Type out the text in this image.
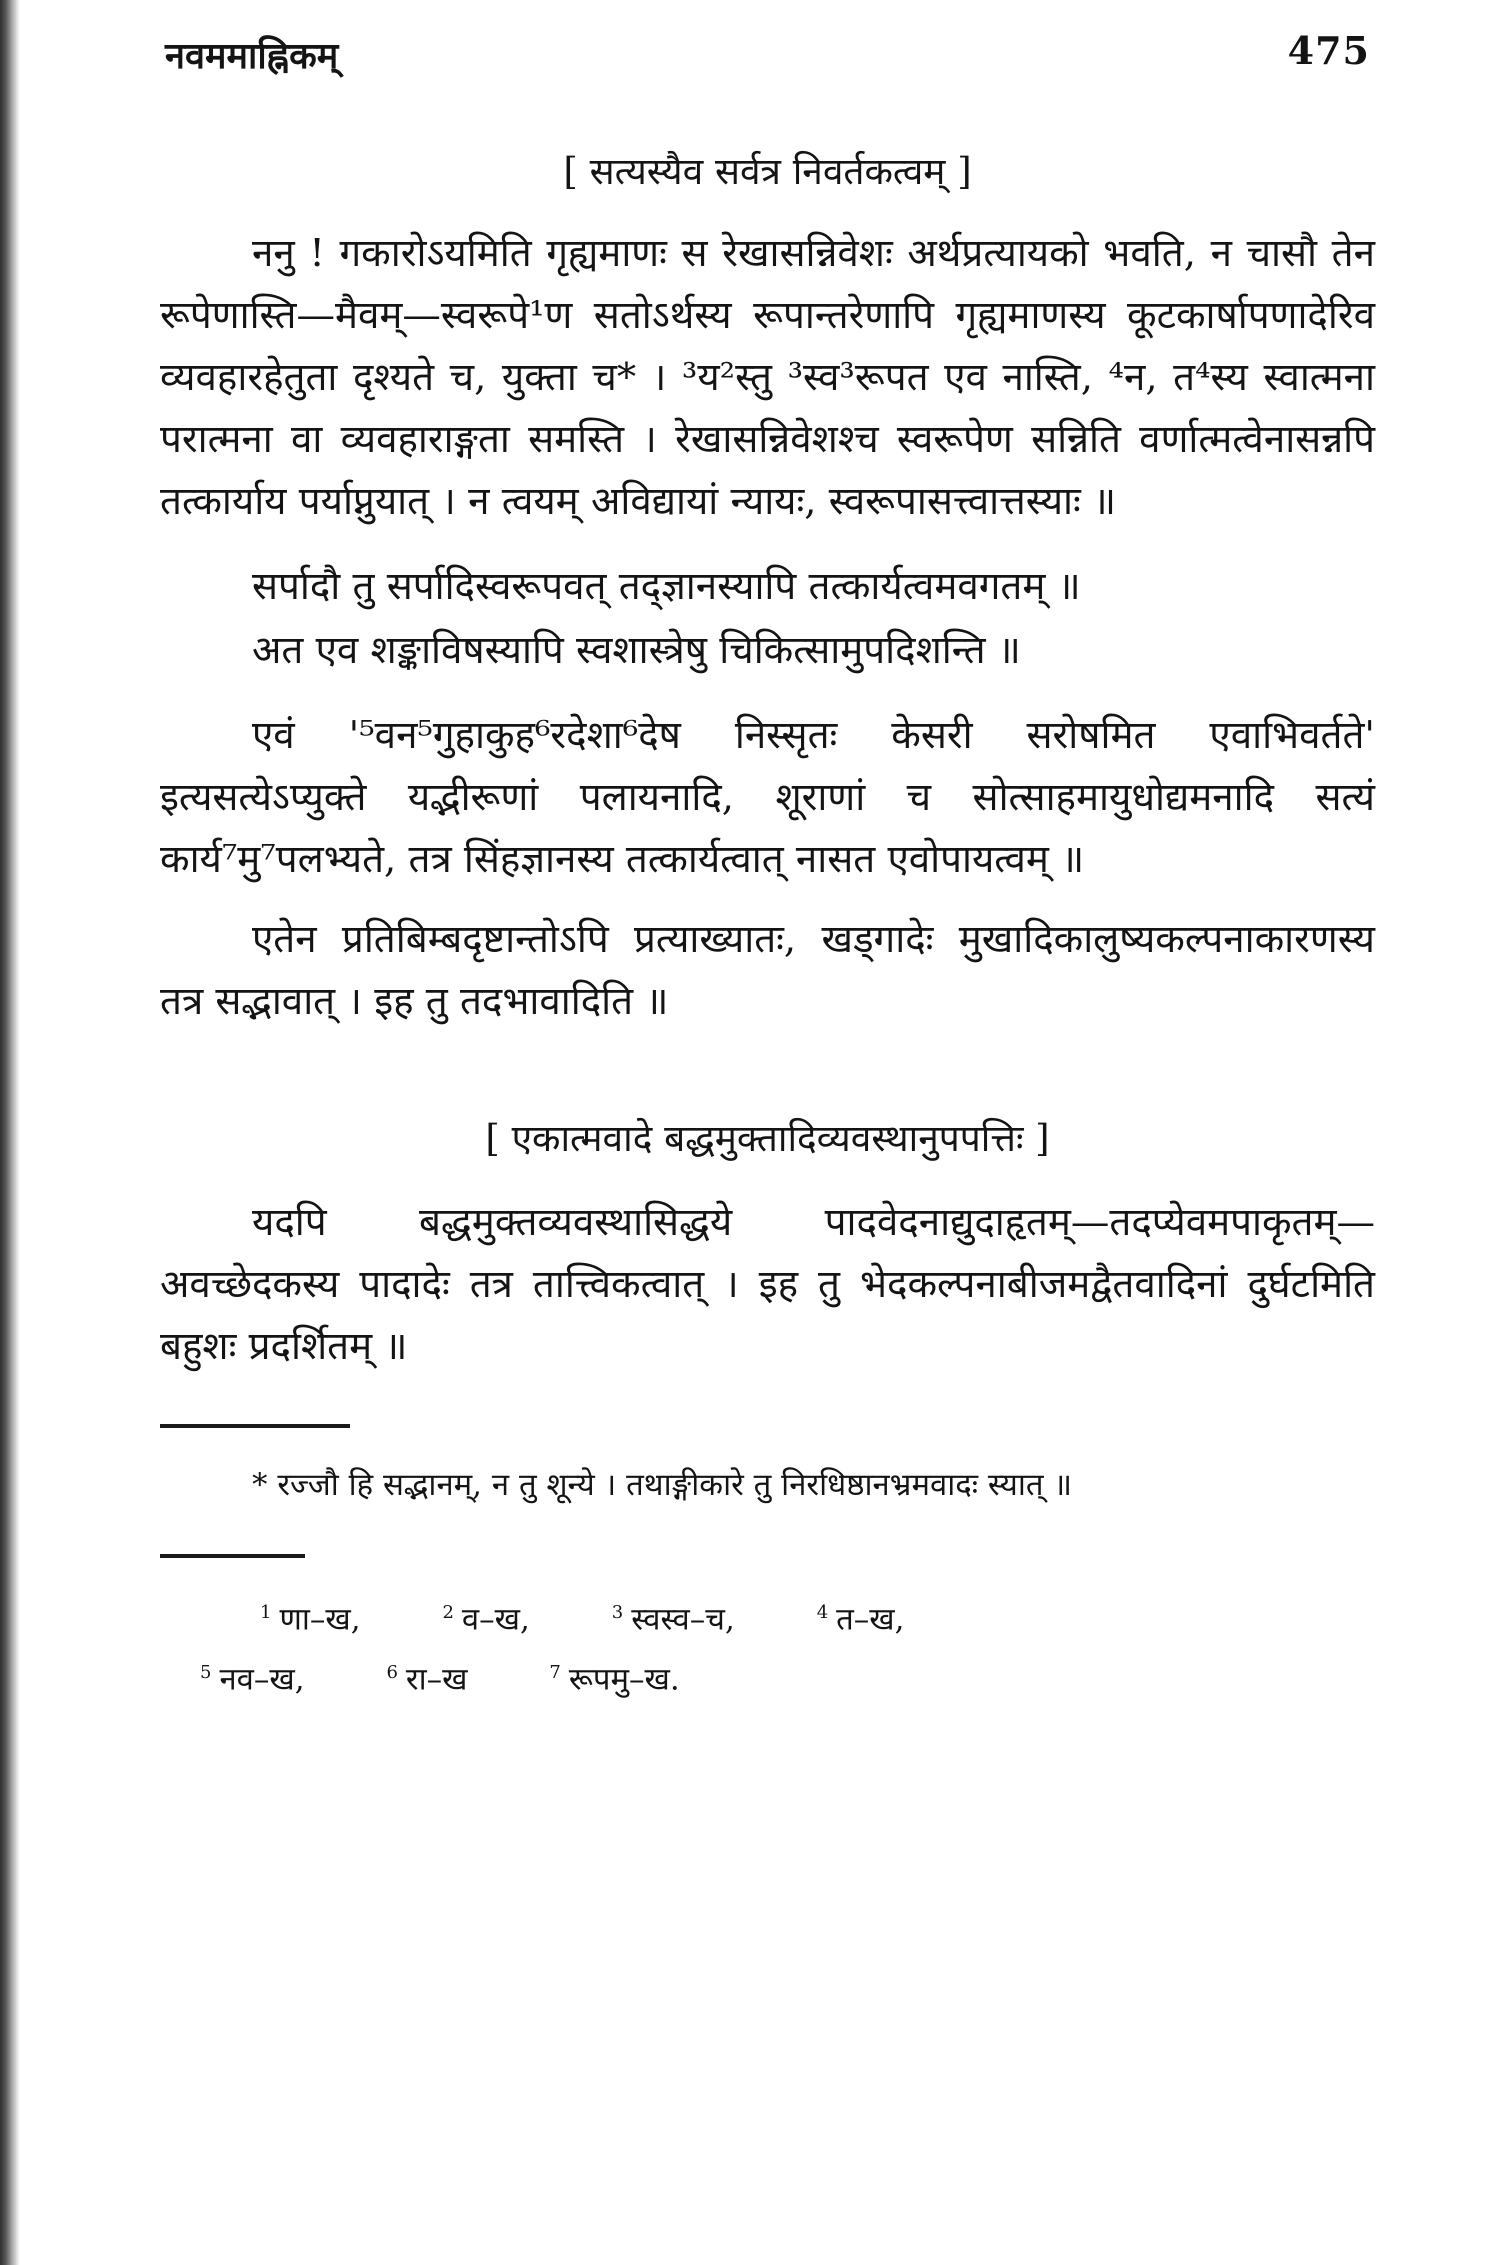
नवममाह्निकम्	475
[ सत्यस्यैव सर्वत्र निवर्तकत्वम् ]

ननु ! गकारोऽयमिति गृह्यमाणः स रेखासन्निवेशः अर्थप्रत्यायको भवति, न चासौ तेन रूपेणास्ति—मैवम्—स्वरूपे¹ण सतोऽर्थस्य रूपान्तरेणापि गृह्यमाणस्य कूटकार्षापणादेरिव व्यवहारहेतुता दृश्यते च, युक्ता च* । ³य²स्तु ³स्व³रूपत एव नास्ति, ⁴न, त⁴स्य स्वात्मना परात्मना वा व्यवहाराङ्गता समस्ति । रेखासन्निवेशश्च स्वरूपेण सन्निति वर्णात्मत्वेनासन्नपि तत्कार्याय पर्याप्नुयात् । न त्वयम् अविद्यायां न्यायः, स्वरूपासत्त्वात्तस्याः ॥

सर्पादौ तु सर्पादिस्वरूपवत् तद्ज्ञानस्यापि तत्कार्यत्वमवगतम् ॥
अत एव शङ्काविषस्यापि स्वशास्त्रेषु चिकित्सामुपदिशन्ति ॥

एवं '⁵वन⁵गुहाकुह⁶रदेशा⁶देष निस्सृतः केसरी सरोषमित एवाभिवर्तते' इत्यसत्येऽप्युक्ते यद्भीरूणां पलायनादि, शूराणां च सोत्साहमायुधोद्यमनादि सत्यं कार्य⁷मु⁷पलभ्यते, तत्र सिंहज्ञानस्य तत्कार्यत्वात् नासत एवोपायत्वम् ॥

एतेन प्रतिबिम्बदृष्टान्तोऽपि प्रत्याख्यातः, खड्गादेः मुखादिकालुष्यकल्पनाकारणस्य तत्र सद्भावात् । इह तु तदभावादिति ॥

[ एकात्मवादे बद्धमुक्तादिव्यवस्थानुपपत्तिः ]

यदपि बद्धमुक्तव्यवस्थासिद्धये पादवेदनाद्युदाहृतम्—तदप्येवमपाकृतम्—अवच्छेदकस्य पादादेः तत्र तात्त्विकत्वात् । इह तु भेदकल्पनाबीजमद्वैतवादिनां दुर्घटमिति बहुशः प्रदर्शितम् ॥

* रज्जौ हि सद्भानम्, न तु शून्ये । तथाङ्गीकारे तु निरधिष्ठानभ्रमवादः स्यात् ॥

$^1$ णा–ख,	$^2$ व–ख,	$^3$ स्वस्व–च,	$^4$ त–ख,
$^5$ नव–ख,	$^6$ रा–ख	$^7$ रूपमु–ख.
